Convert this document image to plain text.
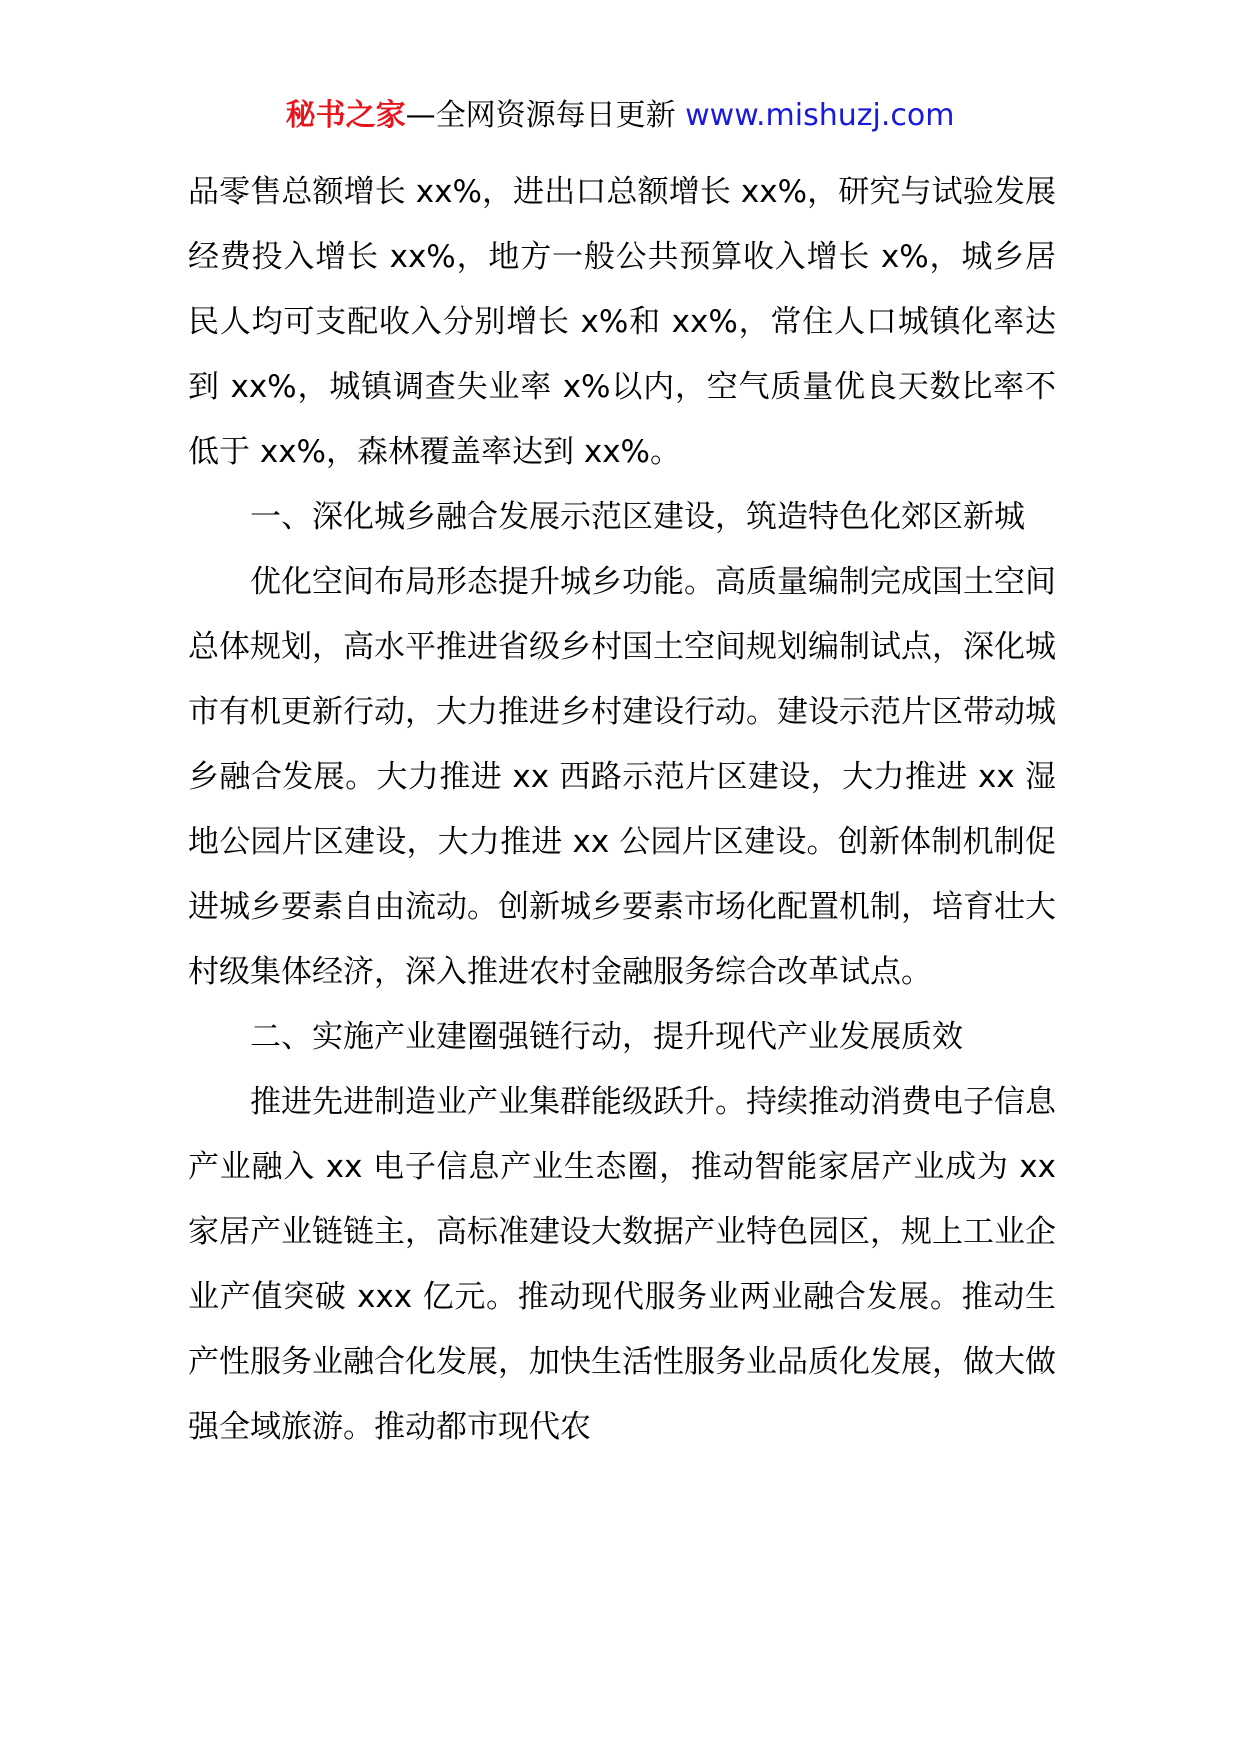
秘书之家—全网资源每日更新 www.mishuzj.com

品零售总额增长 xx%，进出口总额增长 xx%，研究与试验发展经费投入增长 xx%，地方一般公共预算收入增长 x%，城乡居民人均可支配收入分别增长 x%和 xx%，常住人口城镇化率达到 xx%，城镇调查失业率 x%以内，空气质量优良天数比率不低于 xx%，森林覆盖率达到 xx%。

一、深化城乡融合发展示范区建设，筑造特色化郊区新城

优化空间布局形态提升城乡功能。高质量编制完成国土空间总体规划，高水平推进省级乡村国土空间规划编制试点，深化城市有机更新行动，大力推进乡村建设行动。建设示范片区带动城乡融合发展。大力推进 xx 西路示范片区建设，大力推进 xx 湿地公园片区建设，大力推进 xx 公园片区建设。创新体制机制促进城乡要素自由流动。创新城乡要素市场化配置机制，培育壮大村级集体经济，深入推进农村金融服务综合改革试点。

二、实施产业建圈强链行动，提升现代产业发展质效

推进先进制造业产业集群能级跃升。持续推动消费电子信息产业融入 xx 电子信息产业生态圈，推动智能家居产业成为 xx 家居产业链链主，高标准建设大数据产业特色园区，规上工业企业产值突破 xxx 亿元。推动现代服务业两业融合发展。推动生产性服务业融合化发展，加快生活性服务业品质化发展，做大做强全域旅游。推动都市现代农
